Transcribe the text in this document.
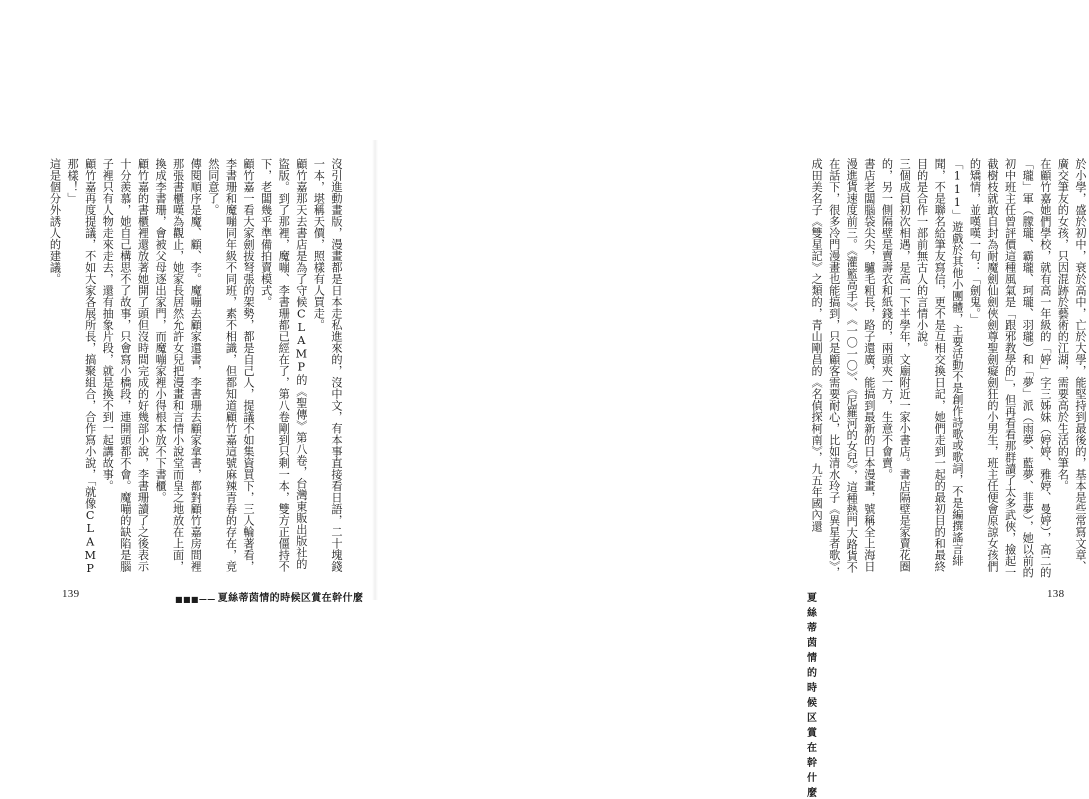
沒引進動畫版，漫畫都是日本走私進來的，沒中文，有本事直接看日語，二十塊錢一本，堪稱天價，照樣有人買走。
顧竹嘉那天去書店是為了守候CLAMP的《聖傳》第八卷，台灣東販出版社的盜版。到了那裡，魔嘣、李書珊都已經在了，第八卷剛到只剩一本，雙方正僵持不下，老闆幾乎準備拍賣模式。
顧竹嘉一看大家劍拔弩張的架勢，都是自己人，提議不如集資買下，三人輪著看，李書珊和魔嘣同年級不同班，素不相識，但都知道顧竹嘉這號麻辣青春的存在，竟然同意了。
傳閱順序是魔、顧、李。魔嘣去顧家還書，李書珊去顧家拿書，都對顧竹嘉房間裡那張書櫃嘆為觀止，她家長居然允許女兒把漫畫和言情小說堂而皇之地放在上面，換成李書珊，會被父母逐出家門，而魔嘣家裡小得根本放不下書櫃。
顧竹嘉的書櫃裡還放著她開了頭但沒時間完成的好幾部小說，李書珊讀了之後表示十分羨慕，她自己構思不了故事，只會寫小橋段，連開頭都不會。魔嘣的缺陷是腦子裡只有人物走來走去，還有抽象片段，就是換不到一起講故事。
顧竹嘉再度提議，不如大家各展所長，搞聚組合，合作寫小說，「就像CLAMP那樣！」
這是個分外誘人的建議。
139	■■■—— 夏絲蒂茵情的時候区賞在幹什麼
於小學，盛於初中，衰於高中，亡於大學，能堅持到最後的，基本是些常寫文章、廣交筆友的女孩，只因混跡於藝術的江湖，需要高於生活的筆名。
在顧竹嘉她們學校，就有高一年級的「婷」字三姊妹（婷婷、雅婷、曼婷），高二的「瓏」軍（朦瓏、霸瓏、珂瓏、羽瓏）和「夢」派（雨夢、藍夢、菲夢），她以前的初中班主任曾評價這種風氣是「跟邪教學的」，但再看看那群讀了太多武俠，撿起一截樹枝就敢自封為耐魔劍仙劍俠劍尊聖劍癡劍狂的小男生，班主任便會原諒女孩們的矯情，並嘆嘆一句：「劍鬼。」
「111」遊戲於其他小團體，主要活動不是創作詩歌或歌詞，不是編撰謠言緋聞，不是聯名給筆友寫信，更不是互相交換日記，她們走到一起的最初目的和最終目的是合作一部前無古人的言情小說。
三個成員初次相遇，是高一下半學年，文廟附近一家小書店。書店隔壁是家賣花圈的，另一側隔壁是賣壽衣和紙錢的，兩頭夾一方，生意不會賣。
書店老闆腦袋尖尖，驢毛粗長，路子還廣，能搞到最新的日本漫畫，號稱全上海日漫進貨速度前三。《灌籃高手》、《一〇一〇》、《尼羅河的女兒》，這種熱門大路貨不在話下，很多冷門漫畫也能搞到，只是顧客需要耐心，比如清水玲子《異星者歌》，成田美名子《雙星記》之類的，青山剛昌的《名偵探柯南》，九五年國內還
夏絲蒂茵情的時候区賞在幹什麼
138
